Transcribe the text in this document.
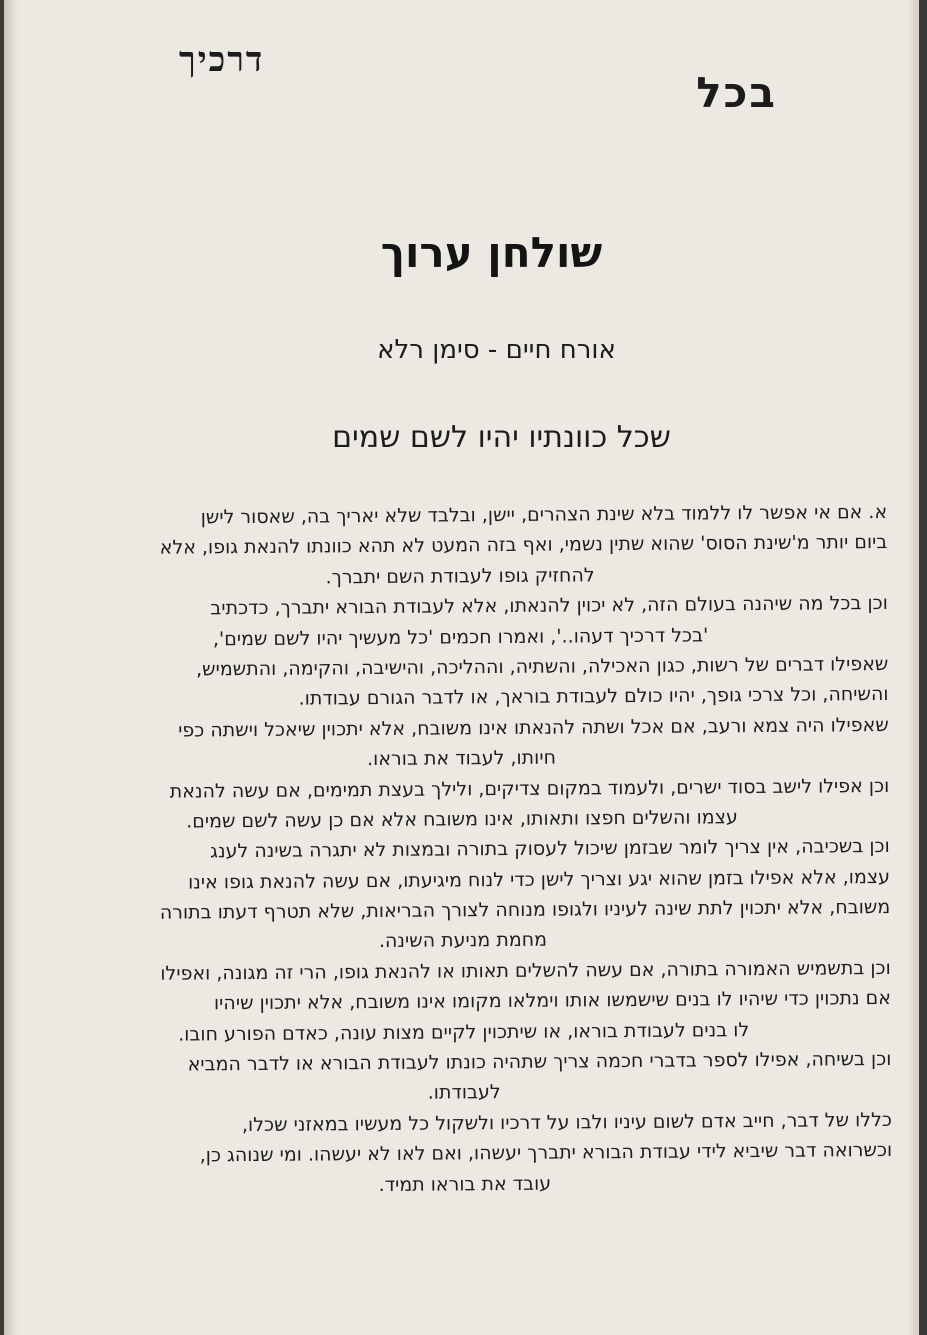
בכל
דרכיך
שולחן ערוך
אורח חיים - סימן רלא
שכל כוונתיו יהיו לשם שמים
א. אם אי אפשר לו ללמוד בלא שינת הצהרים, יישן, ובלבד שלא יאריך בה, שאסור לישן
ביום יותר מ'שינת הסוס' שהוא שתין נשמי, ואף בזה המעט לא תהא כוונתו להנאת גופו, אלא
להחזיק גופו לעבודת השם יתברך.
וכן בכל מה שיהנה בעולם הזה, לא יכוין להנאתו, אלא לעבודת הבורא יתברך, כדכתיב
'בכל דרכיך דעהו..', ואמרו חכמים 'כל מעשיך יהיו לשם שמים',
שאפילו דברים של רשות, כגון האכילה, והשתיה, וההליכה, והישיבה, והקימה, והתשמיש,
והשיחה, וכל צרכי גופך, יהיו כולם לעבודת בוראך, או לדבר הגורם עבודתו.
שאפילו היה צמא ורעב, אם אכל ושתה להנאתו אינו משובח, אלא יתכוין שיאכל וישתה כפי
חיותו, לעבוד את בוראו.
וכן אפילו לישב בסוד ישרים, ולעמוד במקום צדיקים, ולילך בעצת תמימים, אם עשה להנאת
עצמו והשלים חפצו ותאותו, אינו משובח אלא אם כן עשה לשם שמים.
וכן בשכיבה, אין צריך לומר שבזמן שיכול לעסוק בתורה ובמצות לא יתגרה בשינה לענג
עצמו, אלא אפילו בזמן שהוא יגע וצריך לישן כדי לנוח מיגיעתו, אם עשה להנאת גופו אינו
משובח, אלא יתכוין לתת שינה לעיניו ולגופו מנוחה לצורך הבריאות, שלא תטרף דעתו בתורה
מחמת מניעת השינה.
וכן בתשמיש האמורה בתורה, אם עשה להשלים תאותו או להנאת גופו, הרי זה מגונה, ואפילו
אם נתכוין כדי שיהיו לו בנים שישמשו אותו וימלאו מקומו אינו משובח, אלא יתכוין שיהיו
לו בנים לעבודת בוראו, או שיתכוין לקיים מצות עונה, כאדם הפורע חובו.
וכן בשיחה, אפילו לספר בדברי חכמה צריך שתהיה כונתו לעבודת הבורא או לדבר המביא
לעבודתו.
כללו של דבר, חייב אדם לשום עיניו ולבו על דרכיו ולשקול כל מעשיו במאזני שכלו,
וכשרואה דבר שיביא לידי עבודת הבורא יתברך יעשהו, ואם לאו לא יעשהו. ומי שנוהג כן,
עובד את בוראו תמיד.
